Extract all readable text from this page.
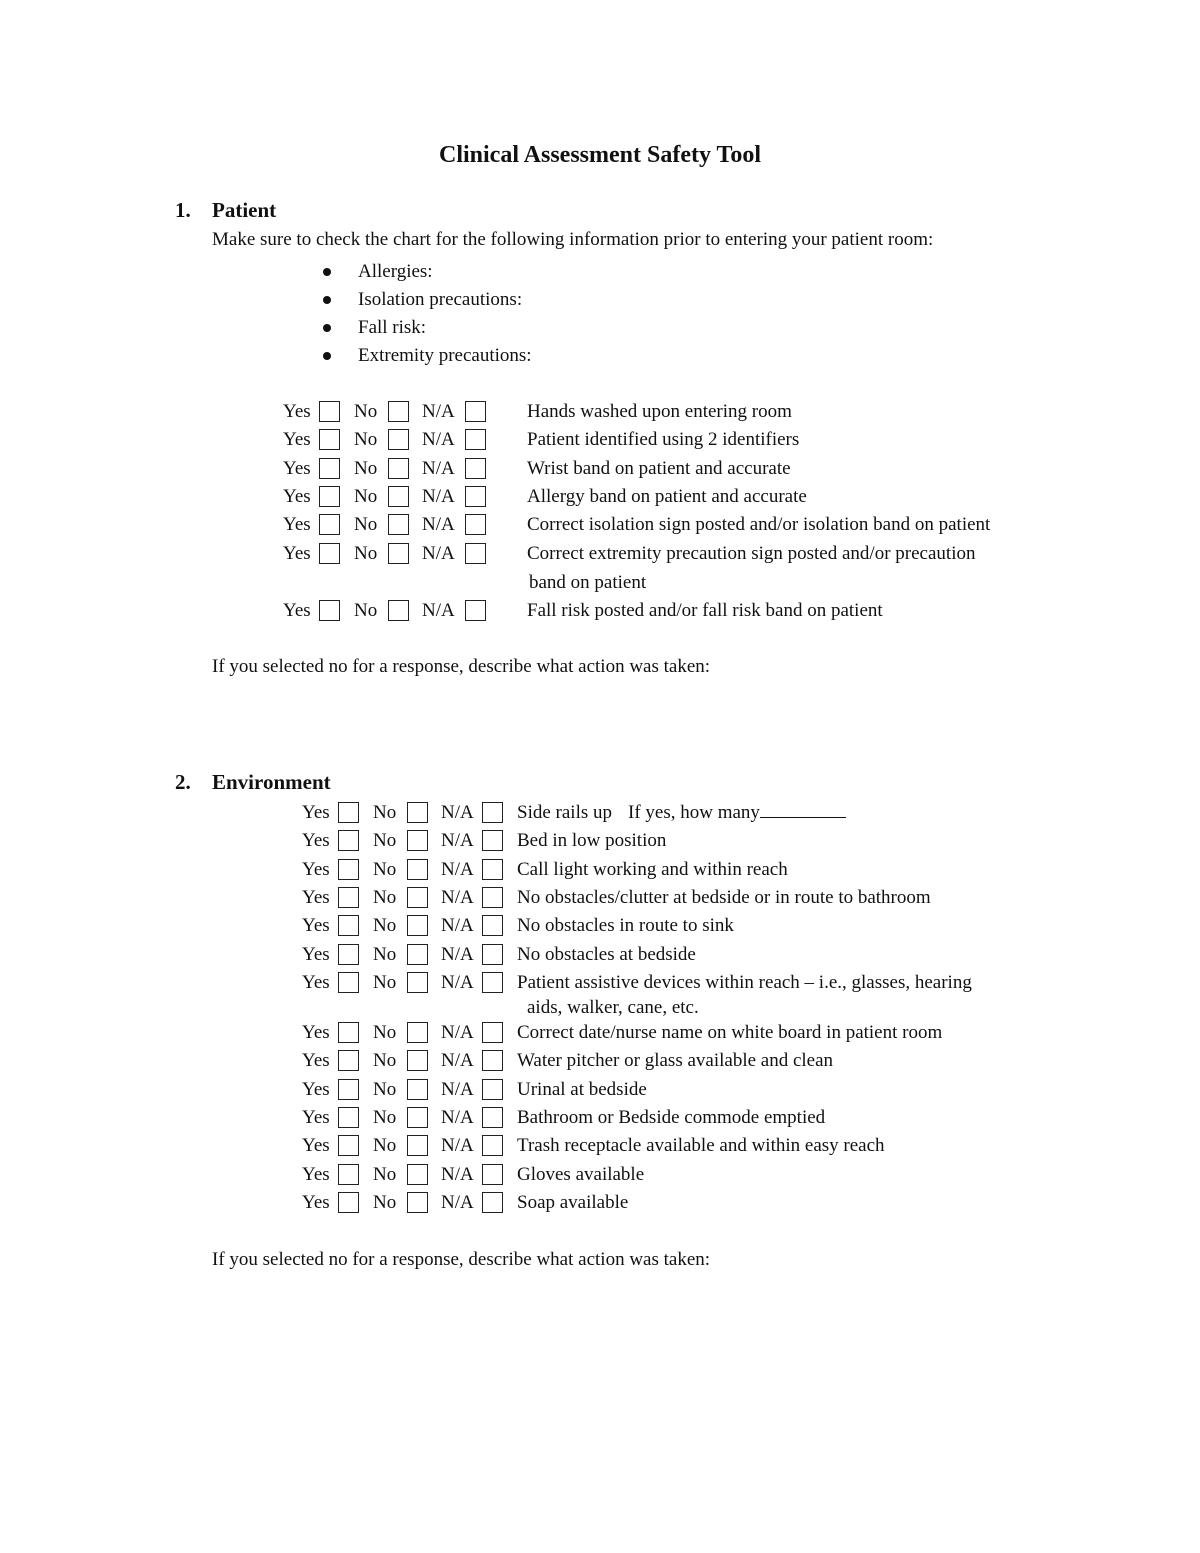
Clinical Assessment Safety Tool
1. Patient
Make sure to check the chart for the following information prior to entering your patient room:
Allergies:
Isolation precautions:
Fall risk:
Extremity precautions:
Yes No N/A	Hands washed upon entering room
Yes No N/A	Patient identified using 2 identifiers
Yes No N/A	Wrist band on patient and accurate
Yes No N/A	Allergy band on patient and accurate
Yes No N/A	Correct isolation sign posted and/or isolation band on patient
Yes No N/A	Correct extremity precaution sign posted and/or precaution
band on patient
Yes No N/A	Fall risk posted and/or fall risk band on patient
If you selected no for a response, describe what action was taken:
2. Environment
Yes No N/A Side rails up If yes, how many
Yes No N/A Bed in low position
Yes No N/A Call light working and within reach
Yes No N/A No obstacles/clutter at bedside or in route to bathroom
Yes No N/A No obstacles in route to sink
Yes No N/A No obstacles at bedside
Yes No N/A Patient assistive devices within reach – i.e., glasses, hearing
aids, walker, cane, etc.
Yes No N/A Correct date/nurse name on white board in patient room
Yes No N/A Water pitcher or glass available and clean
Yes No N/A Urinal at bedside
Yes No N/A Bathroom or Bedside commode emptied
Yes No N/A Trash receptacle available and within easy reach
Yes No N/A Gloves available
Yes No N/A Soap available
If you selected no for a response, describe what action was taken:
